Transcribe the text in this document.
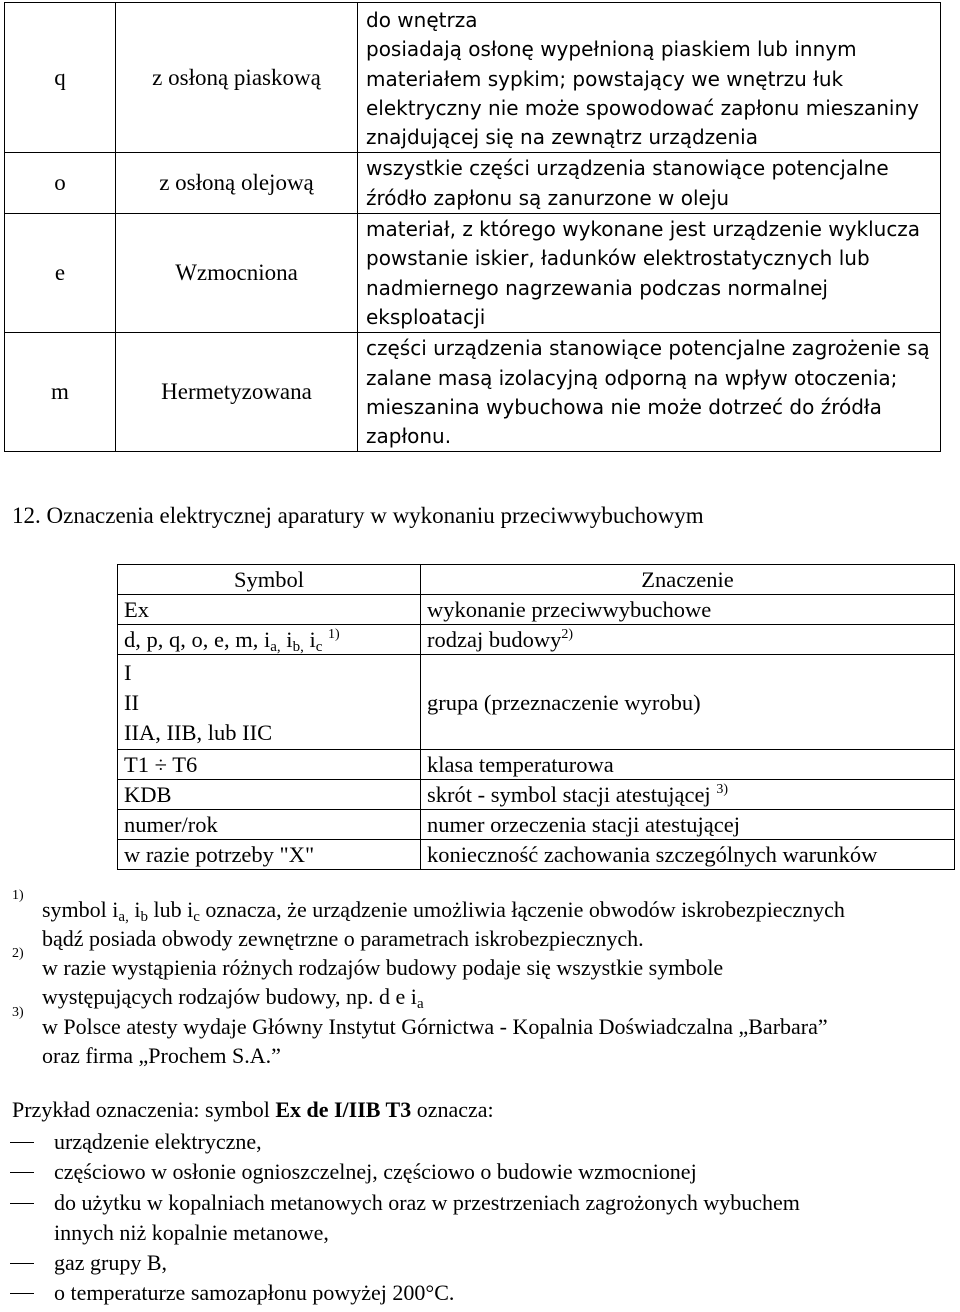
q	z osłoną piaskową	do wnętrza
posiadają osłonę wypełnioną piaskiem lub innym
materiałem sypkim; powstający we wnętrzu łuk
elektryczny nie może spowodować zapłonu mieszaniny
znajdującej się na zewnątrz urządzenia

o	z osłoną olejową	wszystkie części urządzenia stanowiące potencjalne
źródło zapłonu są zanurzone w oleju

e	Wzmocniona	materiał, z którego wykonane jest urządzenie wyklucza
powstanie iskier, ładunków elektrostatycznych lub
nadmiernego nagrzewania podczas normalnej
eksploatacji

m	Hermetyzowana	części urządzenia stanowiące potencjalne zagrożenie są
zalane masą izolacyjną odporną na wpływ otoczenia;
mieszanina wybuchowa nie może dotrzeć do źródła
zapłonu.
12. Oznaczenia elektrycznej aparatury w wykonaniu przeciwwybuchowym
Symbol	Znaczenie
Ex	wykonanie przeciwwybuchowe
d, p, q, o, e, m, $i_{a,}$ $i_{b,}$ $i_c$ $^{1)}$	rodzaj budowy$^{2)}$

I
II
IIA, IIB, lub IIC	grupa (przeznaczenie wyrobu)
T1 ÷ T6	klasa temperaturowa
KDB	skrót - symbol stacji atestującej $^{3)}$
numer/rok	numer orzeczenia stacji atestującej
w razie potrzeby "X"	konieczność zachowania szczególnych warunków
1)
symbol $i_{a,}$ $i_b$ lub $i_c$ oznacza, że urządzenie umożliwia łączenie obwodów iskrobezpiecznych
bądź posiada obwody zewnętrzne o parametrach iskrobezpiecznych.
2)
w razie wystąpienia różnych rodzajów budowy podaje się wszystkie symbole
występujących rodzajów budowy, np. d e $i_a$
3)
w Polsce atesty wydaje Główny Instytut Górnictwa - Kopalnia Doświadczalna „Barbara”
oraz firma „Prochem S.A.”
Przykład oznaczenia: symbol Ex de I/IIB T3 oznacza:
urządzenie elektryczne,
częściowo w osłonie ognioszczelnej, częściowo o budowie wzmocnionej
do użytku w kopalniach metanowych oraz w przestrzeniach zagrożonych wybuchem
innych niż kopalnie metanowe,
gaz grupy B,
o temperaturze samozapłonu powyżej 200°C.
